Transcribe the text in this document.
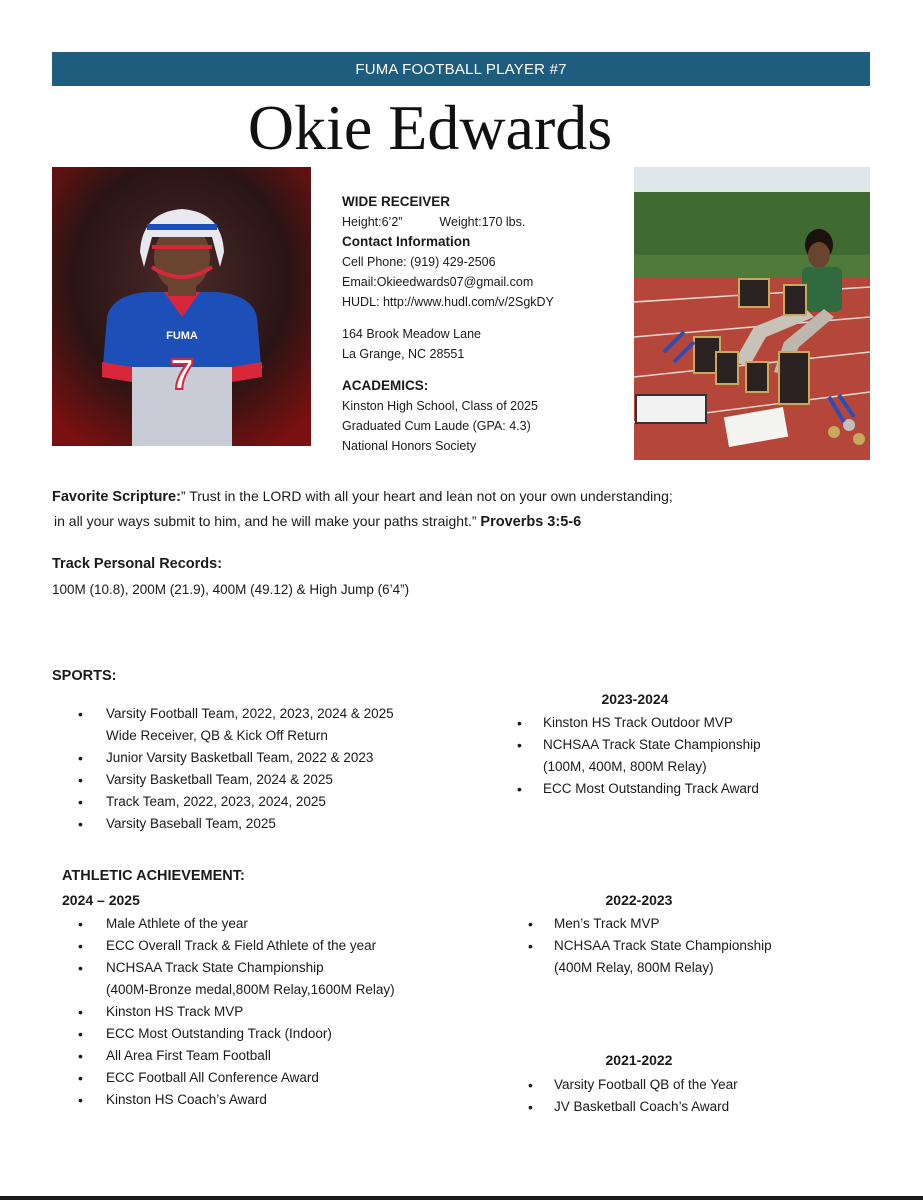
FUMA FOOTBALL PLAYER #7
Okie Edwards
FUMA
7
WIDE RECEIVER
Height:6’2”	Weight:170 lbs.
Contact Information
Cell Phone: (919) 429-2506
Email:Okieedwards07@gmail.com
HUDL: http://www.hudl.com/v/2SgkDY
164 Brook Meadow Lane
La Grange, NC 28551
ACADEMICS:
Kinston High School, Class of 2025
Graduated Cum Laude (GPA: 4.3)
National Honors Society
Favorite Scripture:” Trust in the LORD with all your heart and lean not on your own understanding;
in all your ways submit to him, and he will make your paths straight.” Proverbs 3:5-6
Track Personal Records:
100M (10.8), 200M (21.9), 400M (49.12) & High Jump (6’4”)
SPORTS:
• Varsity Football Team, 2022, 2023, 2024 & 2025
Wide Receiver, QB & Kick Off Return
• Junior Varsity Basketball Team, 2022 & 2023
• Varsity Basketball Team, 2024 & 2025
• Track Team, 2022, 2023, 2024, 2025
• Varsity Baseball Team, 2025
2023-2024
• Kinston HS Track Outdoor MVP
• NCHSAA Track State Championship
(100M, 400M, 800M Relay)
• ECC Most Outstanding Track Award
ATHLETIC ACHIEVEMENT:
2024 – 2025
• Male Athlete of the year
• ECC Overall Track & Field Athlete of the year
• NCHSAA Track State Championship
(400M-Bronze medal,800M Relay,1600M Relay)
• Kinston HS Track MVP
• ECC Most Outstanding Track (Indoor)
• All Area First Team Football
• ECC Football All Conference Award
• Kinston HS Coach’s Award
2022-2023
• Men’s Track MVP
• NCHSAA Track State Championship
(400M Relay, 800M Relay)
2021-2022
• Varsity Football QB of the Year
• JV Basketball Coach’s Award
